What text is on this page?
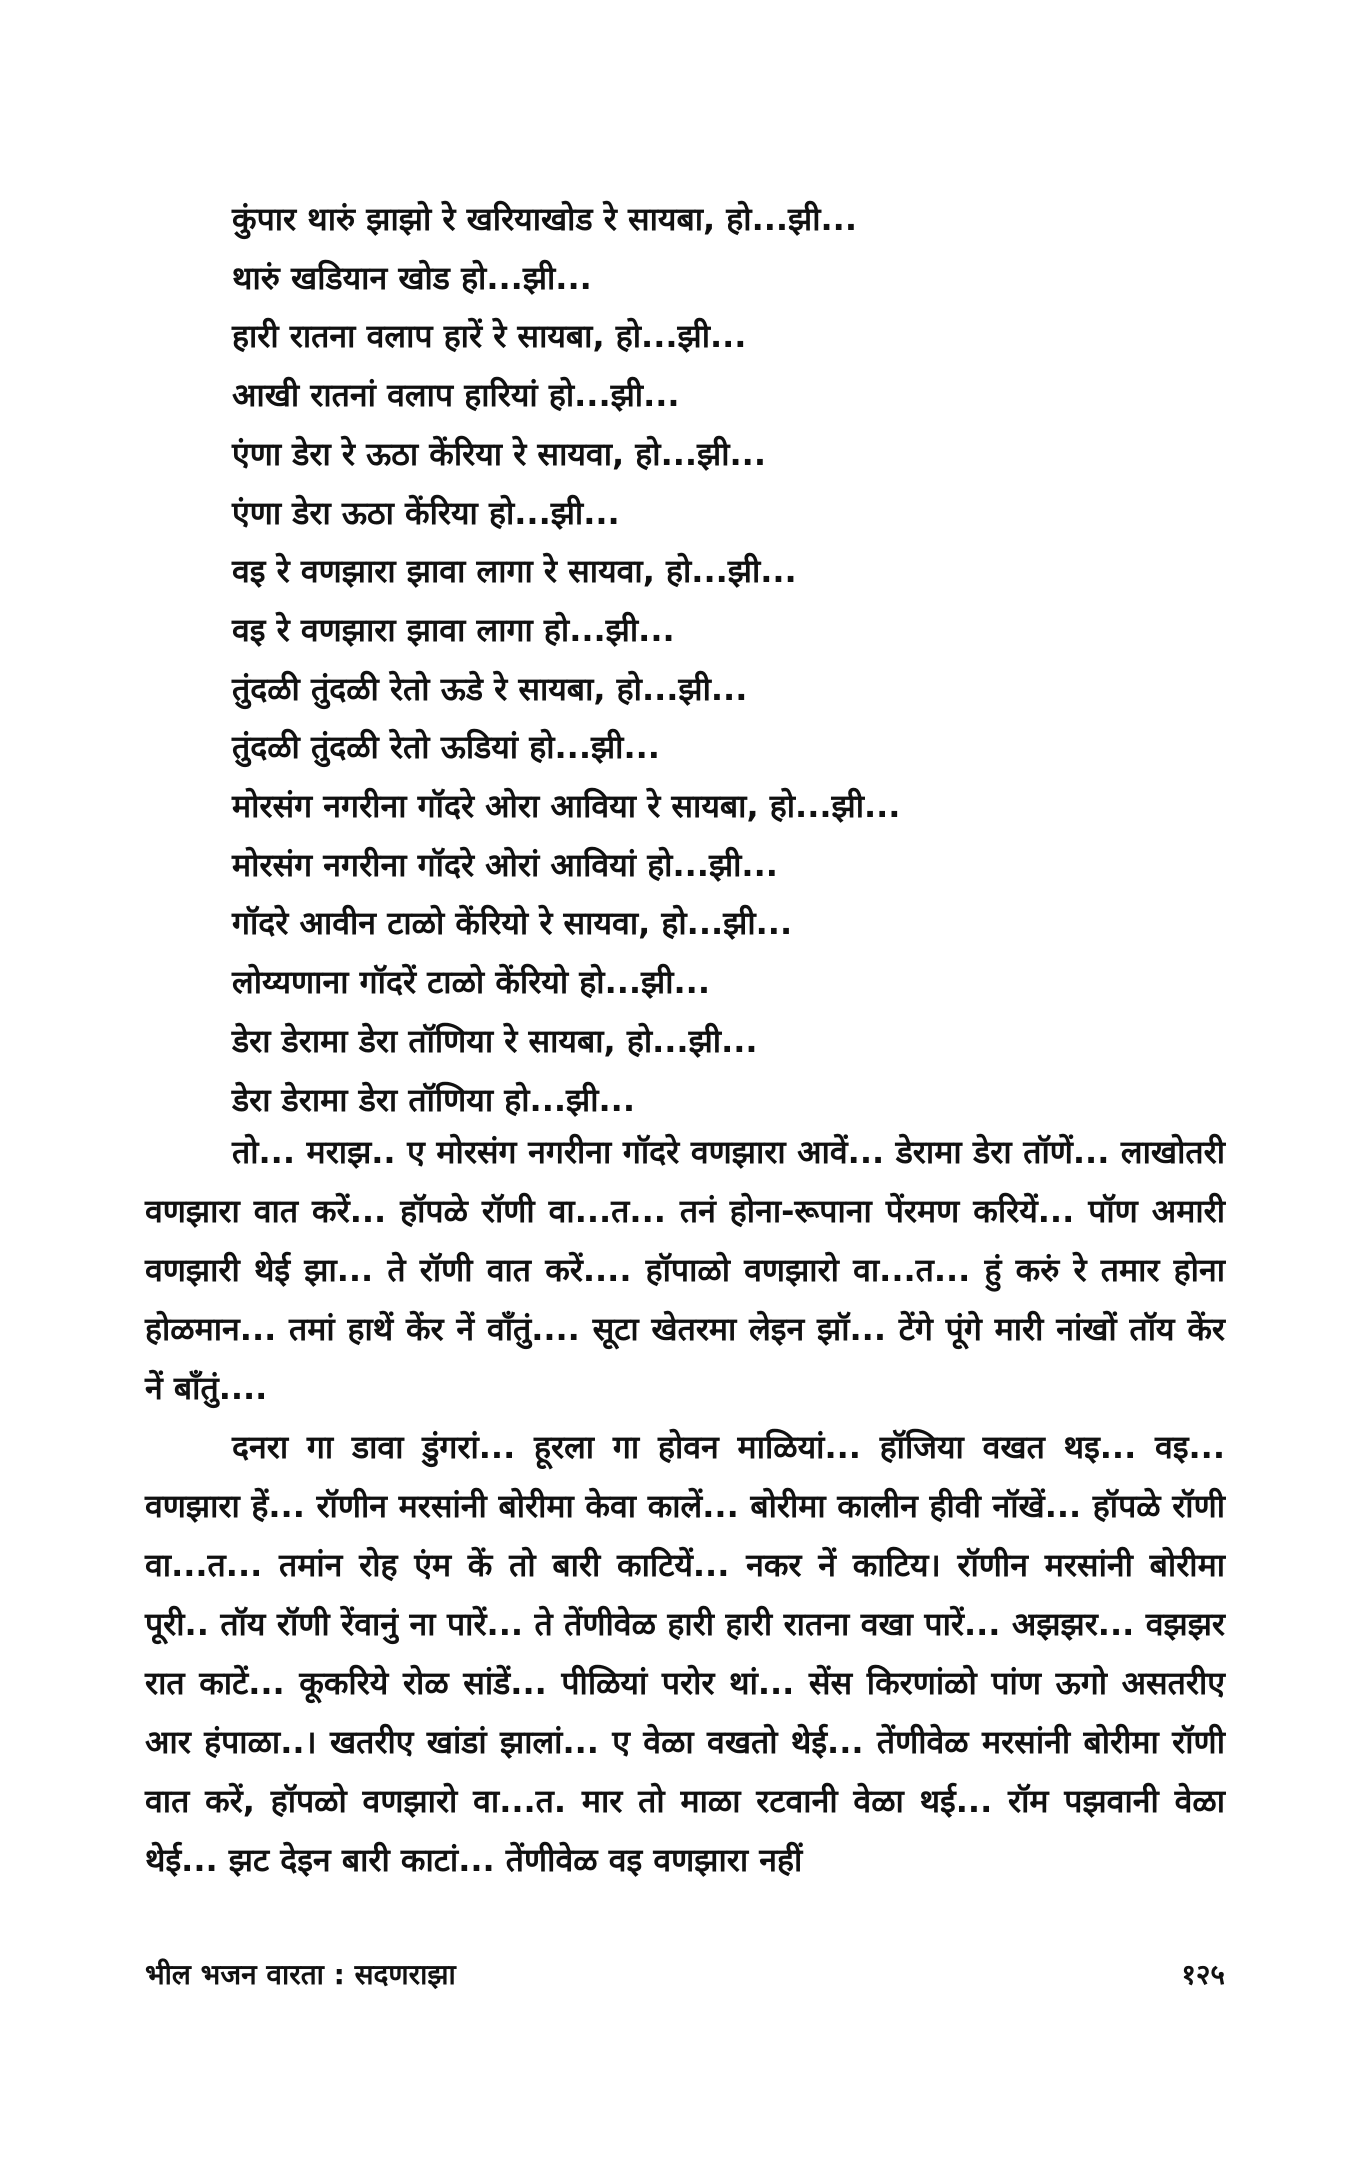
कुंपार थारुं झाझो रे खरियाखोड रे सायबा, हो...झी...
थारुं खडियान खोड हो...झी...
हारी रातना वलाप हारें रे सायबा, हो...झी...
आखी रातनां वलाप हारियां हो...झी...
एंणा डेरा रे ऊठा केंरिया रे सायवा, हो...झी...
एंणा डेरा ऊठा केंरिया हो...झी...
वइ रे वणझारा झावा लागा रे सायवा, हो...झी...
वइ रे वणझारा झावा लागा हो...झी...
तुंदळी तुंदळी रेतो ऊडे रे सायबा, हो...झी...
तुंदळी तुंदळी रेतो ऊडियां हो...झी...
मोरसंग नगरीना गॉदरे ओरा आविया रे सायबा, हो...झी...
मोरसंग नगरीना गॉदरे ओरां आवियां हो...झी...
गॉदरे आवीन टाळो केंरियो रे सायवा, हो...झी...
लोय्यणाना गॉदरें टाळो केंरियो हो...झी...
डेरा डेरामा डेरा तॉणिया रे सायबा, हो...झी...
डेरा डेरामा डेरा तॉणिया हो...झी...

तो... मराझ.. ए मोरसंग नगरीना गॉदरे वणझारा आवें... डेरामा डेरा तॉणें... लाखोतरी वणझारा वात करें... हॉपळे रॉणी वा...त... तनं होना-रूपाना पेंरमण करियें... पॉण अमारी वणझारी थेई झा... ते रॉणी वात करें.... हॉपाळो वणझारो वा...त... हुं करुं रे तमार होना होळमान... तमां हाथें केंर नें वॉंतुं.... सूटा खेतरमा लेइन झॉ... टेंगे पूंगे मारी नांखों तॉय केंर नें बॉंतुं....

दनरा गा डावा डुंगरां... हूरला गा होवन माळियां... हॉजिया वखत थइ... वइ... वणझारा हें... रॉणीन मरसांनी बोरीमा केवा कालें... बोरीमा कालीन हीवी नॉखें... हॉपळे रॉणी वा...त... तमांन रोह एंम कें तो बारी काटियें... नकर नें काटिय। रॉणीन मरसांनी बोरीमा पूरी.. तॉय रॉणी रेंवानुं ना पारें... ते तेंणीवेळ हारी हारी रातना वखा पारें... अझझर... वझझर रात काटें... कूकरिये रोळ सांडें... पीळियां परोर थां... सेंस किरणांळो पांण ऊगो असतरीए आर हंपाळा..। खतरीए खांडां झालां... ए वेळा वखतो थेई... तेंणीवेळ मरसांनी बोरीमा रॉणी वात करें, हॉपळो वणझारो वा...त. मार तो माळा रटवानी वेळा थई... रॉम पझवानी वेळा थेई... झट देइन बारी काटां... तेंणीवेळ वइ वणझारा नहीं

भील भजन वारता : सदणराझा	१२५
